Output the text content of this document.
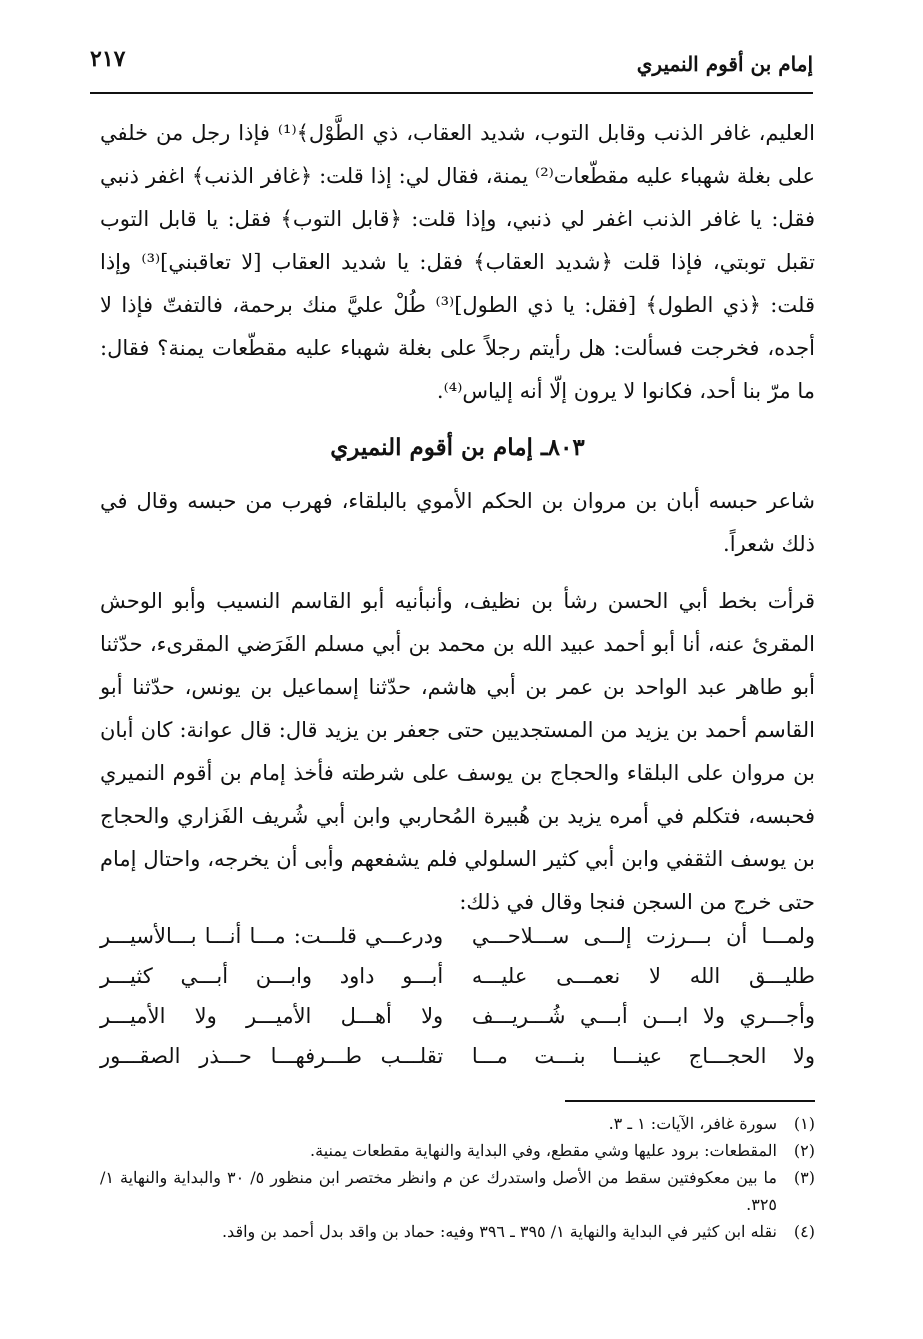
٢١٧	إمام بن أقوم النميري

العليم، غافر الذنب وقابل التوب، شديد العقاب، ذي الطَّوْل﴾⁽¹⁾ فإذا رجل من خلفي على بغلة شهباء عليه مقطّعات⁽²⁾ يمنة، فقال لي: إذا قلت: ﴿غافر الذنب﴾ اغفر ذنبي فقل: يا غافر الذنب اغفر لي ذنبي، وإذا قلت: ﴿قابل التوب﴾ فقل: يا قابل التوب تقبل توبتي، فإذا قلت ﴿شديد العقاب﴾ فقل: يا شديد العقاب [لا تعاقبني]⁽³⁾ وإذا قلت: ﴿ذي الطول﴾ [فقل: يا ذي الطول]⁽³⁾ طُلْ عليَّ منك برحمة، فالتفتّ فإذا لا أجده، فخرجت فسألت: هل رأيتم رجلاً على بغلة شهباء عليه مقطّعات يمنة؟ فقال: ما مرّ بنا أحد، فكانوا لا يرون إلّا أنه إلياس⁽⁴⁾.

٨٠٣ـ إمام بن أقوم النميري

شاعر حبسه أبان بن مروان بن الحكم الأموي بالبلقاء، فهرب من حبسه وقال في ذلك شعراً.

قرأت بخط أبي الحسن رشأ بن نظيف، وأنبأنيه أبو القاسم النسيب وأبو الوحش المقرئ عنه، أنا أبو أحمد عبيد الله بن محمد بن أبي مسلم الفَرَضي المقرىء، حدّثنا أبو طاهر عبد الواحد بن عمر بن أبي هاشم، حدّثنا إسماعيل بن يونس، حدّثنا أبو القاسم أحمد بن يزيد من المستجديين حتى جعفر بن يزيد قال: قال عوانة: كان أبان بن مروان على البلقاء والحجاج بن يوسف على شرطته فأخذ إمام بن أقوم النميري فحبسه، فتكلم في أمره يزيد بن هُبيرة المُحاربي وابن أبي شُريف الفَزاري والحجاج بن يوسف الثقفي وابن أبي كثير السلولي فلم يشفعهم وأبى أن يخرجه، واحتال إمام حتى خرج من السجن فنجا وقال في ذلك:

ولمـــا أن بـــرزت إلـــى ســـلاحـــي
ودرعـــي قلـــت: مـــا أنـــا بـــالأسيـــر
طليـــق الله لا نعمـــى عليـــه
أبـــو داود وابـــن أبـــي كثيـــر
وأجـــري ولا ابـــن أبـــي شُـــريـــف
ولا أهـــل الأميـــر ولا الأميـــر
ولا الحجـــاج عينـــا بنـــت مـــا
تقلـــب طـــرفهـــا حـــذر الصقـــور
(١)
سورة غافر، الآيات: ١ ـ ٣.
(٢)
المقطعات: برود عليها وشي مقطع، وفي البداية والنهاية مقطعات يمنية.
(٣)
ما بين معكوفتين سقط من الأصل واستدرك عن م وانظر مختصر ابن منظور ٥/ ٣٠ والبداية والنهاية ١/ ٣٢٥.
(٤)
نقله ابن كثير في البداية والنهاية ١/ ٣٩٥ ـ ٣٩٦ وفيه: حماد بن واقد بدل أحمد بن واقد.
